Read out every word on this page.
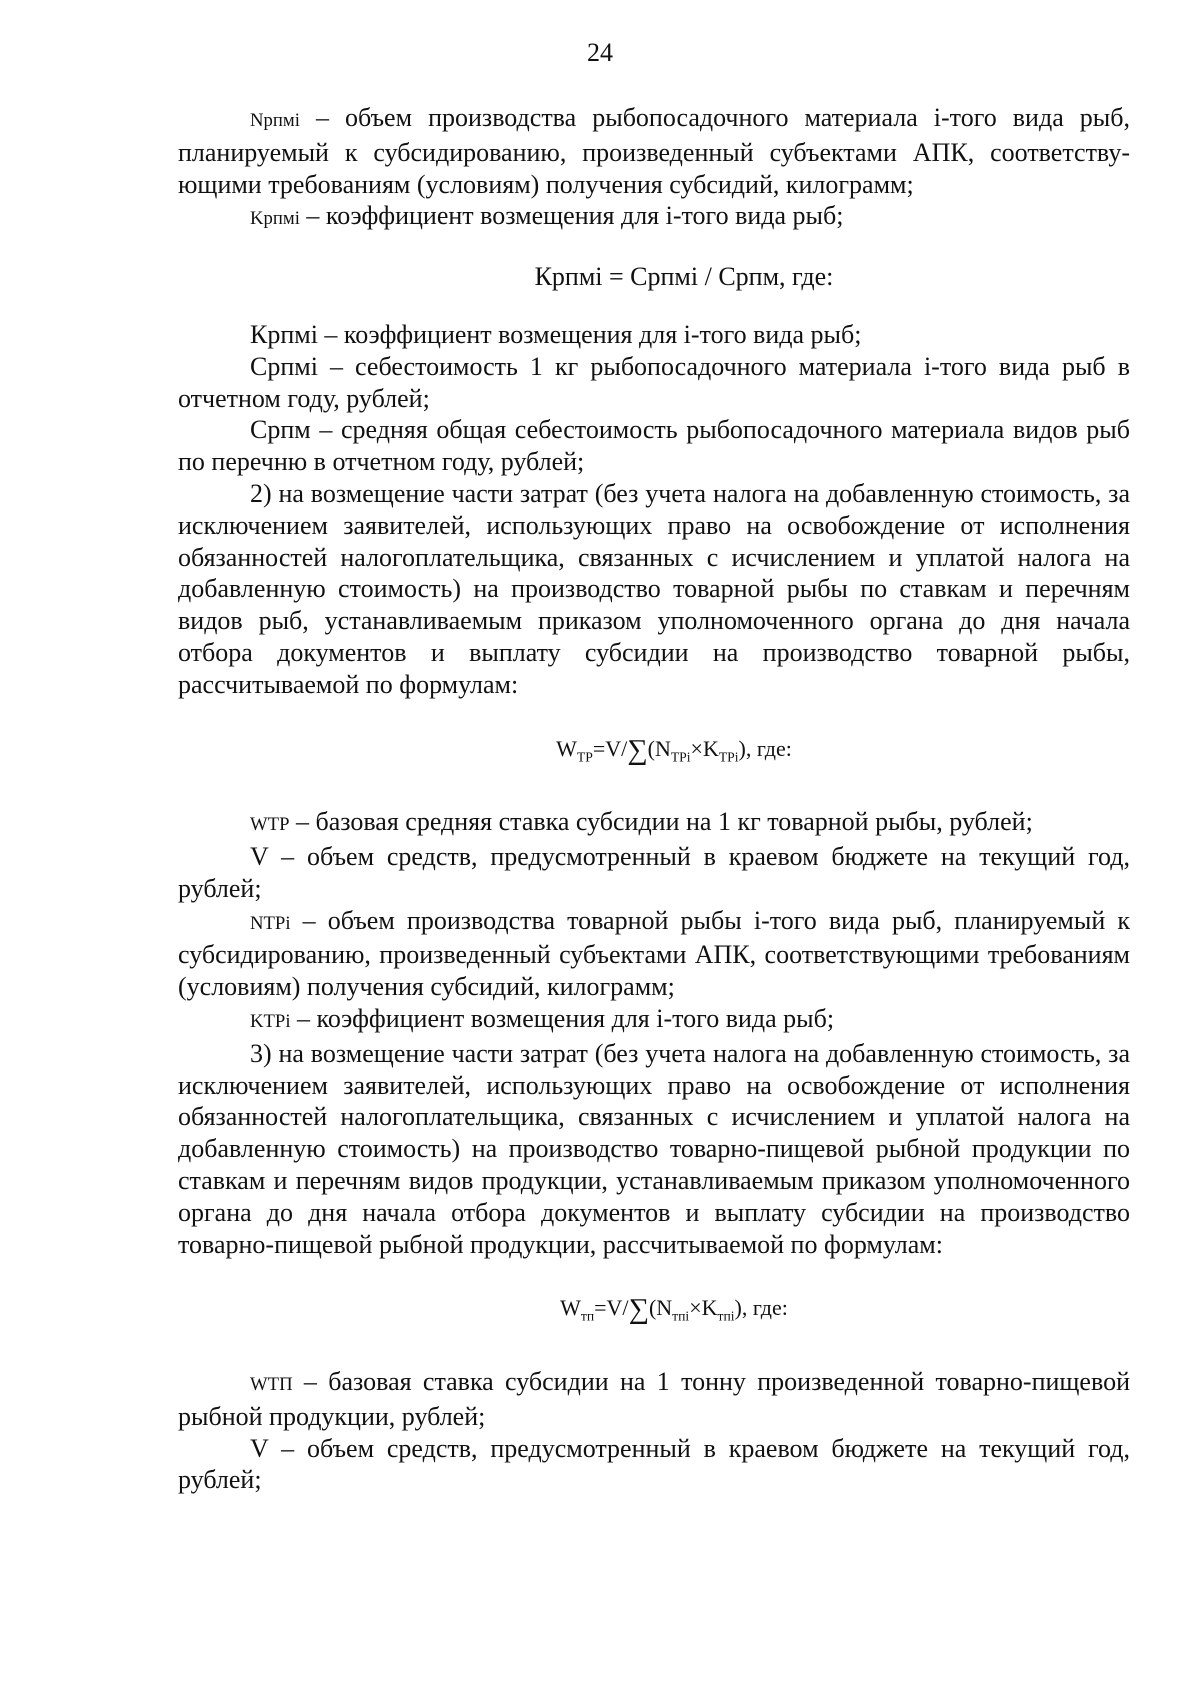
24

Nрпмi – объем производства рыбопосадочного материала i-того вида рыб, планируемый к субсидированию, произведенный субъектами АПК, соответствующими требованиям (условиям) получения субсидий, килограмм;

Kрпмi – коэффициент возмещения для i-того вида рыб;

Крпмi = Српмi / Српм, где:

Крпмi – коэффициент возмещения для i-того вида рыб;

Српмi – себестоимость 1 кг рыбопосадочного материала i-того вида рыб в отчетном году, рублей;

Српм – средняя общая себестоимость рыбопосадочного материала видов рыб по перечню в отчетном году, рублей;

2) на возмещение части затрат (без учета налога на добавленную стоимость, за исключением заявителей, использующих право на освобождение от исполнения обязанностей налогоплательщика, связанных с исчислением и уплатой налога на добавленную стоимость) на производство товарной рыбы по ставкам и перечням видов рыб, устанавливаемым приказом уполномоченного органа до дня начала отбора документов и выплату субсидии на производство товарной рыбы, рассчитываемой по формулам:

$W_{ТР}=V/\sum(N_{ТРi}\times K_{ТРi})$, где:

WТР – базовая средняя ставка субсидии на 1 кг товарной рыбы, рублей;

V – объем средств, предусмотренный в краевом бюджете на текущий год, рублей;

NТРi – объем производства товарной рыбы i-того вида рыб, планируемый к субсидированию, произведенный субъектами АПК, соответствующими требованиям (условиям) получения субсидий, килограмм;

KТРi – коэффициент возмещения для i-того вида рыб;

3) на возмещение части затрат (без учета налога на добавленную стоимость, за исключением заявителей, использующих право на освобождение от исполнения обязанностей налогоплательщика, связанных с исчислением и уплатой налога на добавленную стоимость) на производство товарно-пищевой рыбной продукции по ставкам и перечням видов продукции, устанавливаемым приказом уполномоченного органа до дня начала отбора документов и выплату субсидии на производство товарно-пищевой рыбной продукции, рассчитываемой по формулам:

$W_{тп}=V/\sum(N_{тпi}\times K_{тпi})$, где:

WТП – базовая ставка субсидии на 1 тонну произведенной товарно-пищевой рыбной продукции, рублей;

V – объем средств, предусмотренный в краевом бюджете на текущий год, рублей;
